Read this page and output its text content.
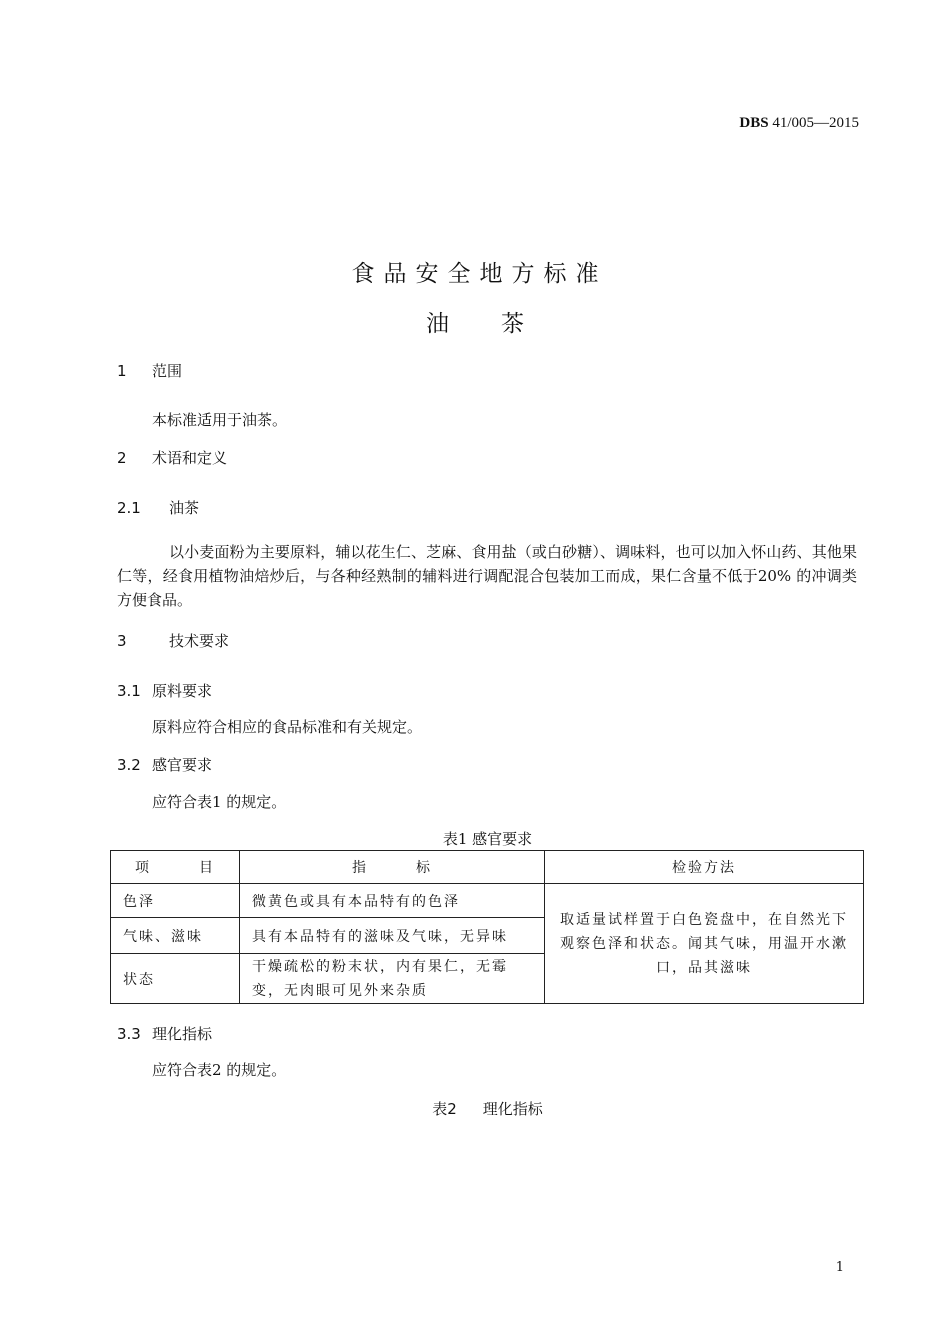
DBS 41/005—2015
食品安全地方标准
油 茶
1 范围
本标准适用于油茶。
2 术语和定义
2.1 油茶
以小麦面粉为主要原料，辅以花生仁、芝麻、食用盐（或白砂糖）、调味料，也可以加入怀山药、其他果仁等，经食用植物油焙炒后，与各种经熟制的辅料进行调配混合包装加工而成，果仁含量不低于20% 的冲调类方便食品。
3	技术要求
3.1 原料要求
原料应符合相应的食品标准和有关规定。
3.2 感官要求
应符合表1 的规定。
表1 感官要求
项　　　目	指　　　标	检验方法
色泽	微黄色或具有本品特有的色泽	取适量试样置于白色瓷盘中，在自然光下观察色泽和状态。闻其气味，用温开水漱口，品其滋味
气味、滋味	具有本品特有的滋味及气味，无异味	
状态	干燥疏松的粉末状，内有果仁，无霉变，无肉眼可见外来杂质	
3.3 理化指标
应符合表2 的规定。
表2 理化指标
1
